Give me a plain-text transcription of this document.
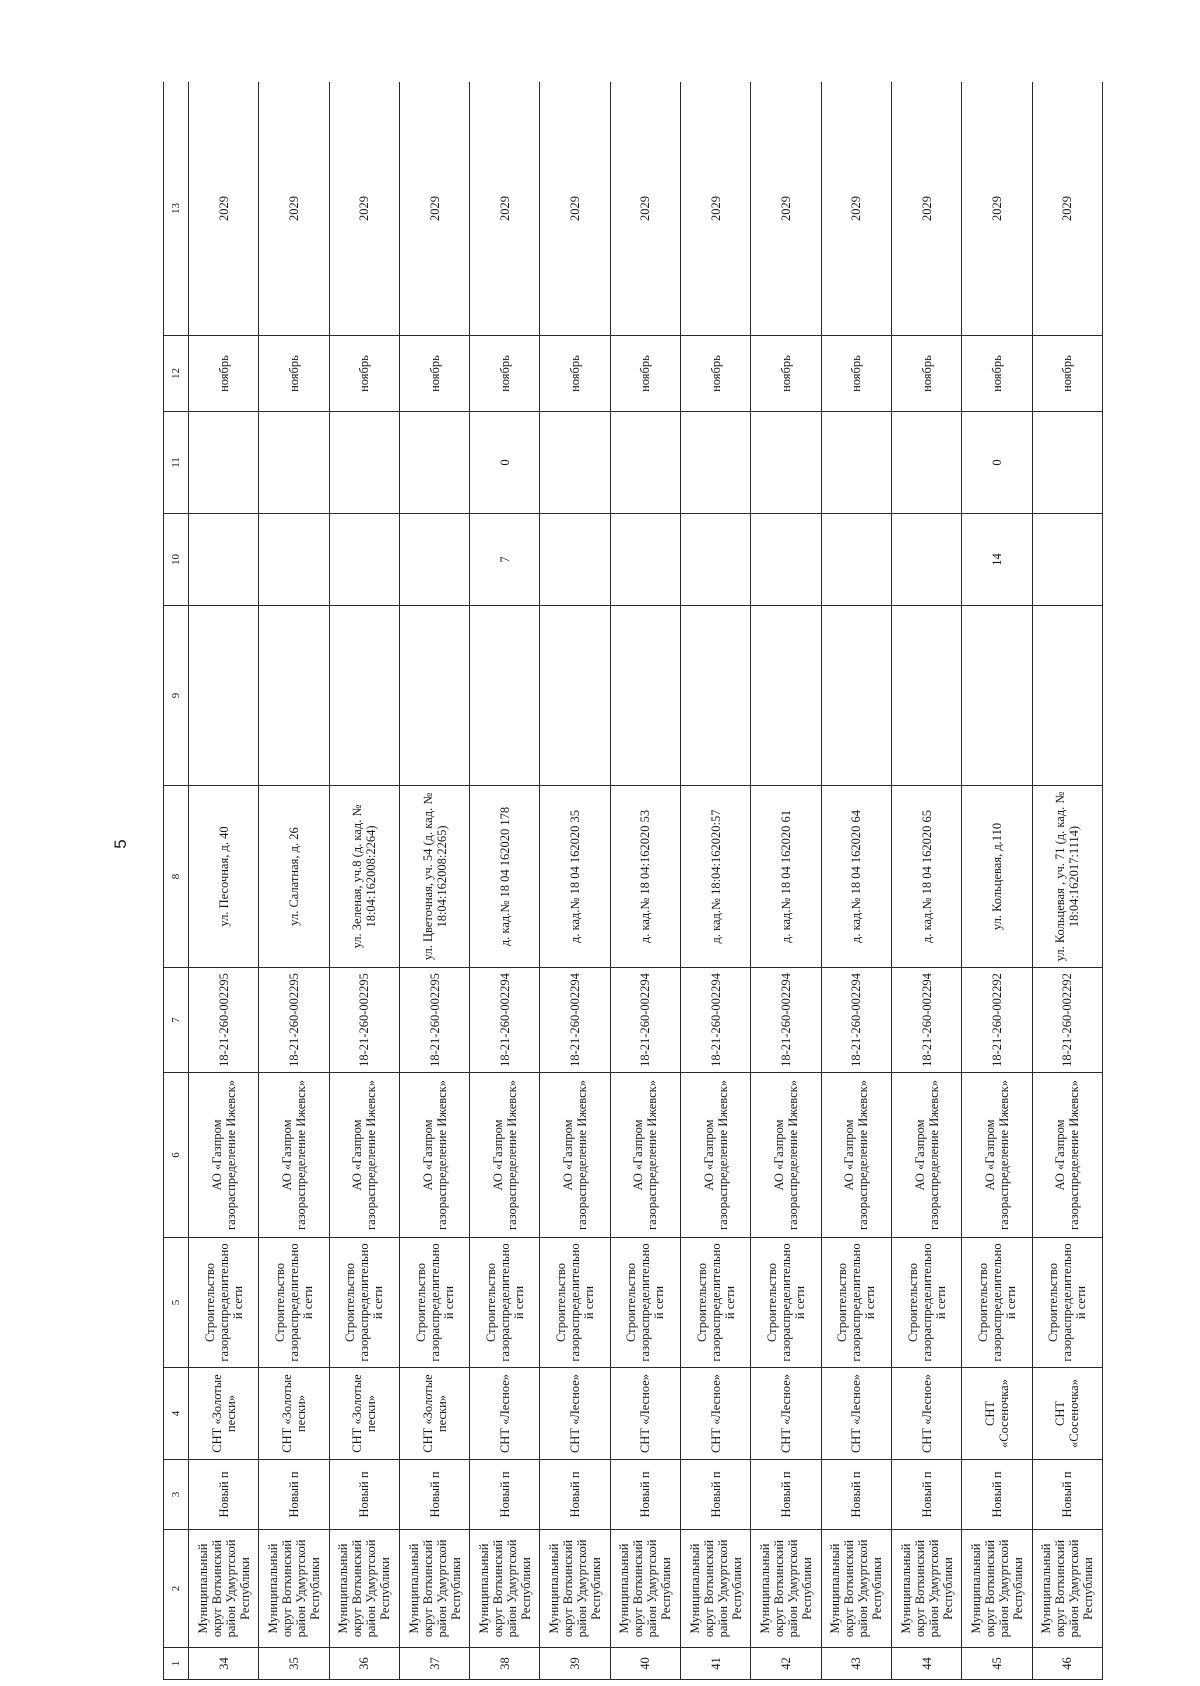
5
1	2	3	4	5	6	7	8	9	10	11	12	13
34	Муниципальный округ Воткинский район Удмуртской Республики	Новый п	СНТ «Золотые пески»	Строительство газораспределительной сети	АО «Газпром газораспределение Ижевск»	18-21-260-002295	ул. Песочная, д. 40				ноябрь	2029
35	Муниципальный округ Воткинский район Удмуртской Республики	Новый п	СНТ «Золотые пески»	Строительство газораспределительной сети	АО «Газпром газораспределение Ижевск»	18-21-260-002295	ул. Салатная, д. 26				ноябрь	2029
36	Муниципальный округ Воткинский район Удмуртской Республики	Новый п	СНТ «Золотые пески»	Строительство газораспределительной сети	АО «Газпром газораспределение Ижевск»	18-21-260-002295	ул. Зеленая, уч.8 (д. кад. № 18:04:162008:2264)				ноябрь	2029
37	Муниципальный округ Воткинский район Удмуртской Республики	Новый п	СНТ «Золотые пески»	Строительство газораспределительной сети	АО «Газпром газораспределение Ижевск»	18-21-260-002295	ул. Цветочная, уч. 54 (д. кад. № 18:04:162008:2265)				ноябрь	2029
38	Муниципальный округ Воткинский район Удмуртской Республики	Новый п	СНТ «Лесное»	Строительство газораспределительной сети	АО «Газпром газораспределение Ижевск»	18-21-260-002294	д. кад.№ 18 04 162020 178		7	0	ноябрь	2029
39	Муниципальный округ Воткинский район Удмуртской Республики	Новый п	СНТ «Лесное»	Строительство газораспределительной сети	АО «Газпром газораспределение Ижевск»	18-21-260-002294	д. кад.№ 18 04 162020 35				ноябрь	2029
40	Муниципальный округ Воткинский район Удмуртской Республики	Новый п	СНТ «Лесное»	Строительство газораспределительной сети	АО «Газпром газораспределение Ижевск»	18-21-260-002294	д. кад.№ 18 04:162020 53				ноябрь	2029
41	Муниципальный округ Воткинский район Удмуртской Республики	Новый п	СНТ «Лесное»	Строительство газораспределительной сети	АО «Газпром газораспределение Ижевск»	18-21-260-002294	д. кад.№ 18:04:162020:57				ноябрь	2029
42	Муниципальный округ Воткинский район Удмуртской Республики	Новый п	СНТ «Лесное»	Строительство газораспределительной сети	АО «Газпром газораспределение Ижевск»	18-21-260-002294	д. кад.№ 18 04 162020 61				ноябрь	2029
43	Муниципальный округ Воткинский район Удмуртской Республики	Новый п	СНТ «Лесное»	Строительство газораспределительной сети	АО «Газпром газораспределение Ижевск»	18-21-260-002294	д. кад.№ 18 04 162020 64				ноябрь	2029
44	Муниципальный округ Воткинский район Удмуртской Республики	Новый п	СНТ «Лесное»	Строительство газораспределительной сети	АО «Газпром газораспределение Ижевск»	18-21-260-002294	д. кад.№ 18 04 162020 65				ноябрь	2029
45	Муниципальный округ Воткинский район Удмуртской Республики	Новый п	СНТ «Сосеночка»	Строительство газораспределительной сети	АО «Газпром газораспределение Ижевск»	18-21-260-002292	ул. Кольцевая, д.110		14	0	ноябрь	2029
46	Муниципальный округ Воткинский район Удмуртской Республики	Новый п	СНТ «Сосеночка»	Строительство газораспределительной сети	АО «Газпром газораспределение Ижевск»	18-21-260-002292	ул. Кольцевая , уч. 71 (д. кад. № 18:04:162017:1114)				ноябрь	2029
